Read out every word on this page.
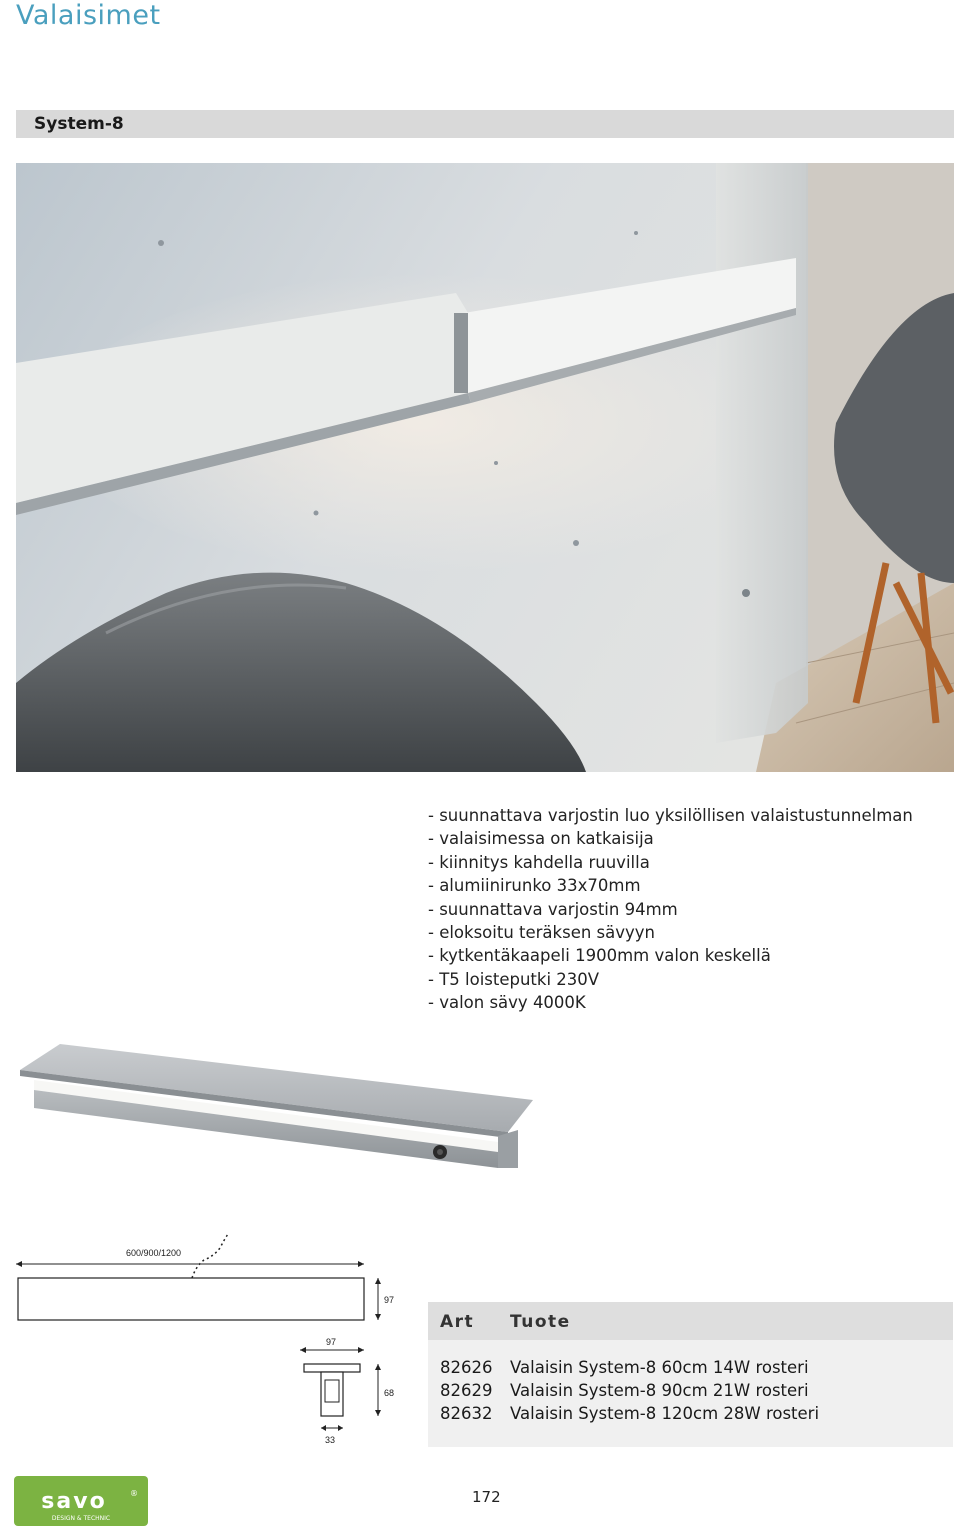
Valaisimet
System-8
- suunnattava varjostin luo yksilöllisen valaistustunnelman
- valaisimessa on katkaisija
- kiinnitys kahdella ruuvilla
- alumiinirunko 33x70mm
- suunnattava varjostin 94mm
- eloksoitu teräksen sävyyn
- kytkentäkaapeli 1900mm valon keskellä
- T5 loisteputki 230V
- valon sävy 4000K
600/900/1200
97
97
33
68
Art Tuote
82626 Valaisin System-8 60cm 14W rosteri
82629 Valaisin System-8 90cm 21W rosteri
82632 Valaisin System-8 120cm 28W rosteri
savo	®
DESIGN & TECHNIC
172
